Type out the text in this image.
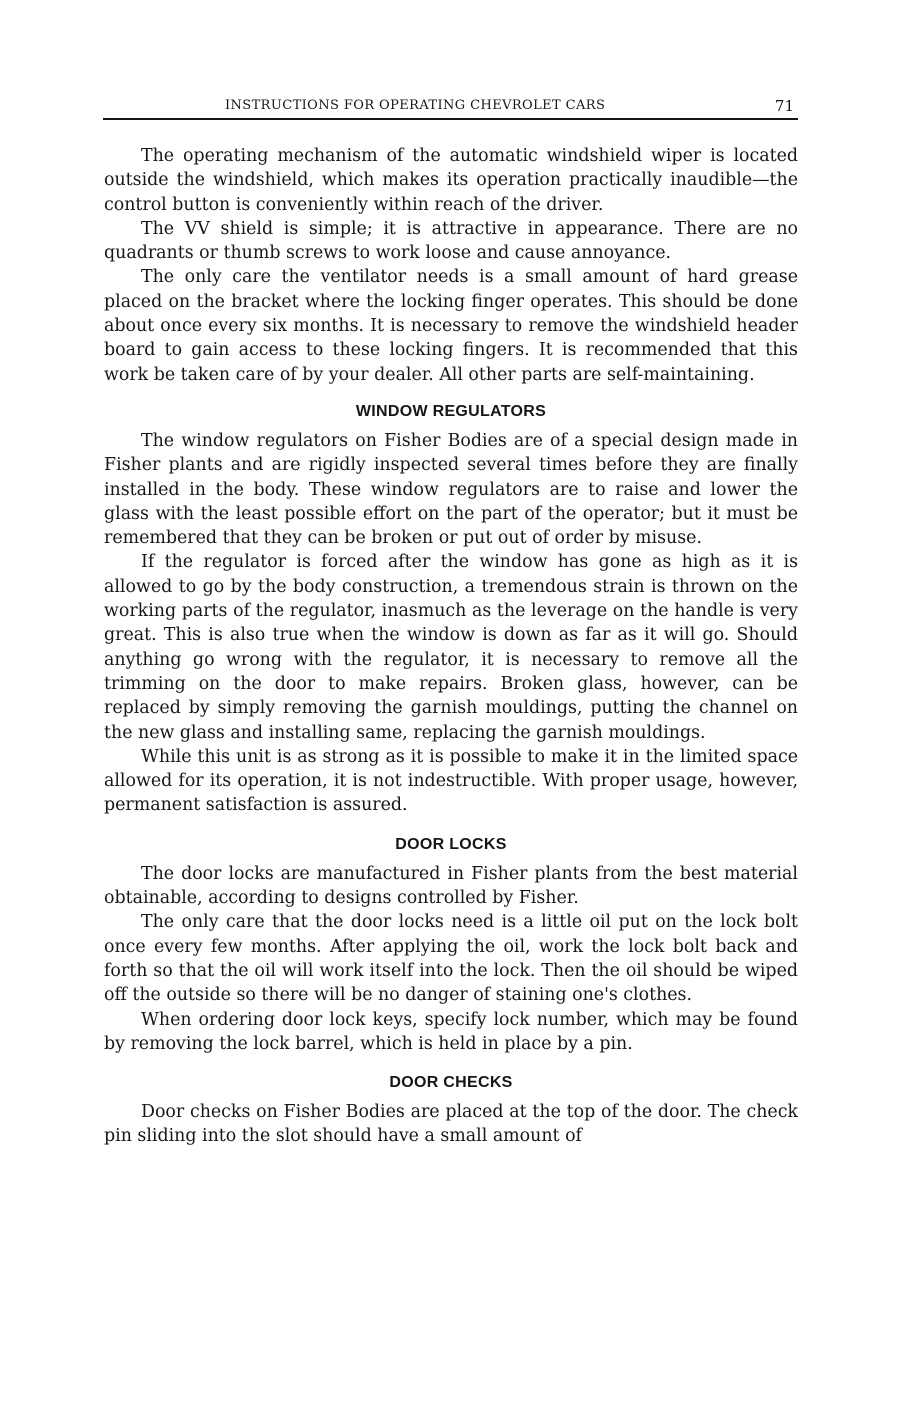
INSTRUCTIONS FOR OPERATING CHEVROLET CARS	71

The operating mechanism of the automatic windshield wiper is located outside the windshield, which makes its operation practically inaudible—the control button is conveniently within reach of the driver.

The VV shield is simple; it is attractive in appearance. There are no quadrants or thumb screws to work loose and cause annoyance.

The only care the ventilator needs is a small amount of hard grease placed on the bracket where the locking finger operates. This should be done about once every six months. It is necessary to remove the windshield header board to gain access to these locking fingers. It is recommended that this work be taken care of by your dealer. All other parts are self-maintaining.

WINDOW REGULATORS

The window regulators on Fisher Bodies are of a special design made in Fisher plants and are rigidly inspected several times before they are finally installed in the body. These window regulators are to raise and lower the glass with the least possible effort on the part of the operator; but it must be remembered that they can be broken or put out of order by misuse.

If the regulator is forced after the window has gone as high as it is allowed to go by the body construction, a tremendous strain is thrown on the working parts of the regulator, inasmuch as the leverage on the handle is very great. This is also true when the window is down as far as it will go. Should anything go wrong with the regulator, it is necessary to remove all the trimming on the door to make repairs. Broken glass, however, can be replaced by simply removing the garnish mouldings, putting the channel on the new glass and installing same, replacing the garnish mouldings.

While this unit is as strong as it is possible to make it in the limited space allowed for its operation, it is not indestructible. With proper usage, however, permanent satisfaction is assured.

DOOR LOCKS

The door locks are manufactured in Fisher plants from the best material obtainable, according to designs controlled by Fisher.

The only care that the door locks need is a little oil put on the lock bolt once every few months. After applying the oil, work the lock bolt back and forth so that the oil will work itself into the lock. Then the oil should be wiped off the outside so there will be no danger of staining one's clothes.

When ordering door lock keys, specify lock number, which may be found by removing the lock barrel, which is held in place by a pin.

DOOR CHECKS

Door checks on Fisher Bodies are placed at the top of the door. The check pin sliding into the slot should have a small amount of
